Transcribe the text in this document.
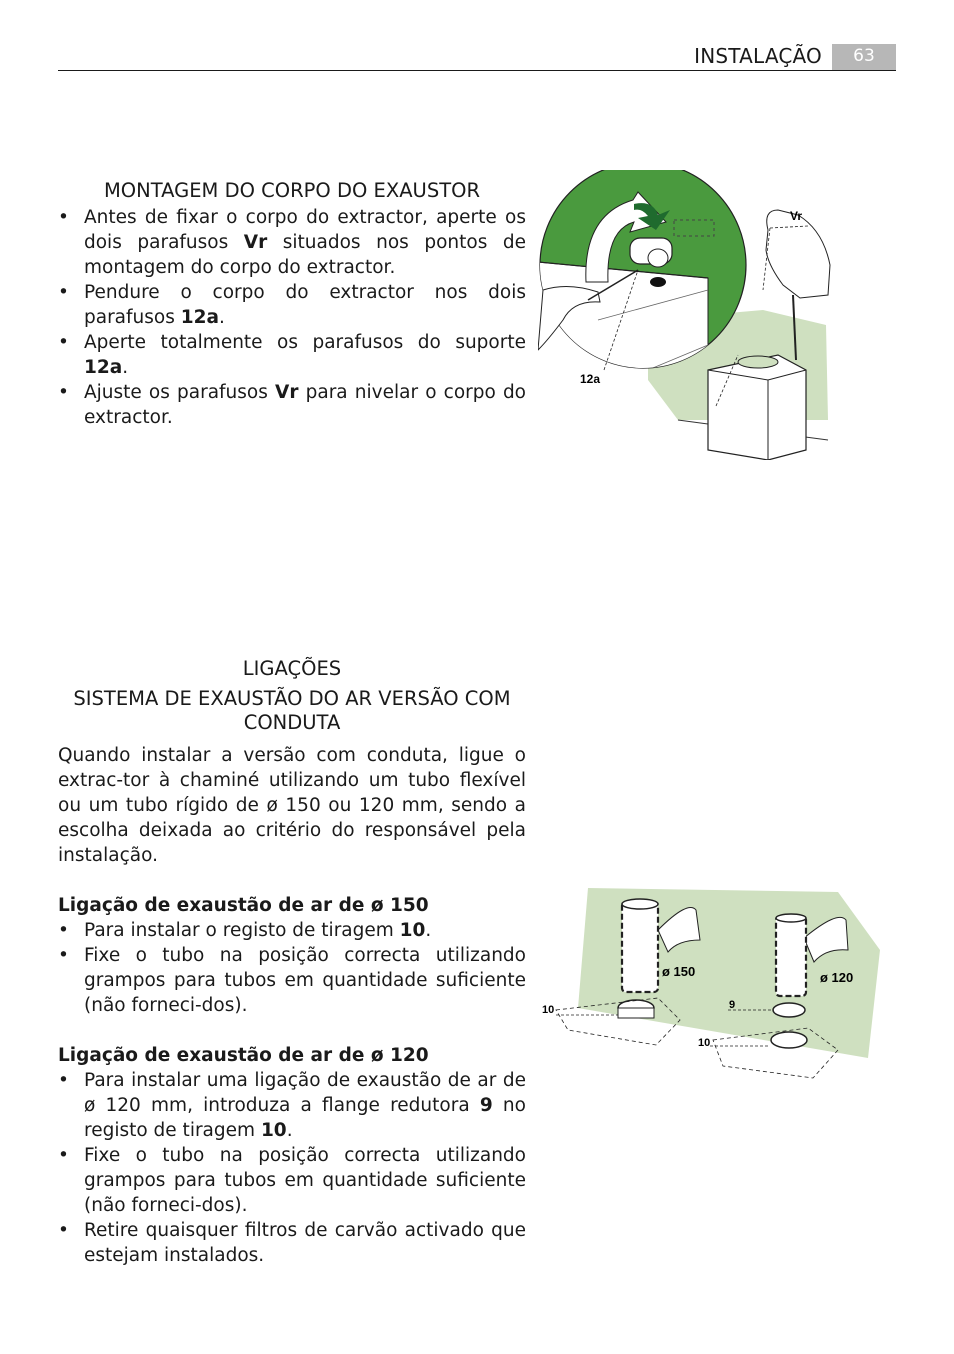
INSTALAÇÃO	63
MONTAGEM DO CORPO DO EXAUSTOR
• Antes de fixar o corpo do extractor, aperte os dois parafusos Vr situados nos pontos de montagem do corpo do extractor.
• Pendure o corpo do extractor nos dois parafusos 12a.
• Aperte totalmente os parafusos do suporte 12a.
• Ajuste os parafusos Vr para nivelar o corpo do extractor.
Vr
12a
LIGAÇÕES
SISTEMA DE EXAUSTÃO DO AR VERSÃO COM CONDUTA
Quando instalar a versão com conduta, ligue o extrac-tor à chaminé utilizando um tubo flexível ou um tubo rígido de ø 150 ou 120 mm, sendo a escolha deixada ao critério do responsável pela instalação.
Ligação de exaustão de ar de ø 150
• Para instalar o registo de tiragem 10.
• Fixe o tubo na posição correcta utilizando grampos para tubos em quantidade suficiente (não forneci-dos).
Ligação de exaustão de ar de ø 120
• Para instalar uma ligação de exaustão de ar de ø 120 mm, introduza a flange redutora 9 no registo de tiragem 10.
• Fixe o tubo na posição correcta utilizando grampos para tubos em quantidade suficiente (não forneci-dos).
• Retire quaisquer filtros de carvão activado que estejam instalados.
ø 150	ø 120
10	9
10
